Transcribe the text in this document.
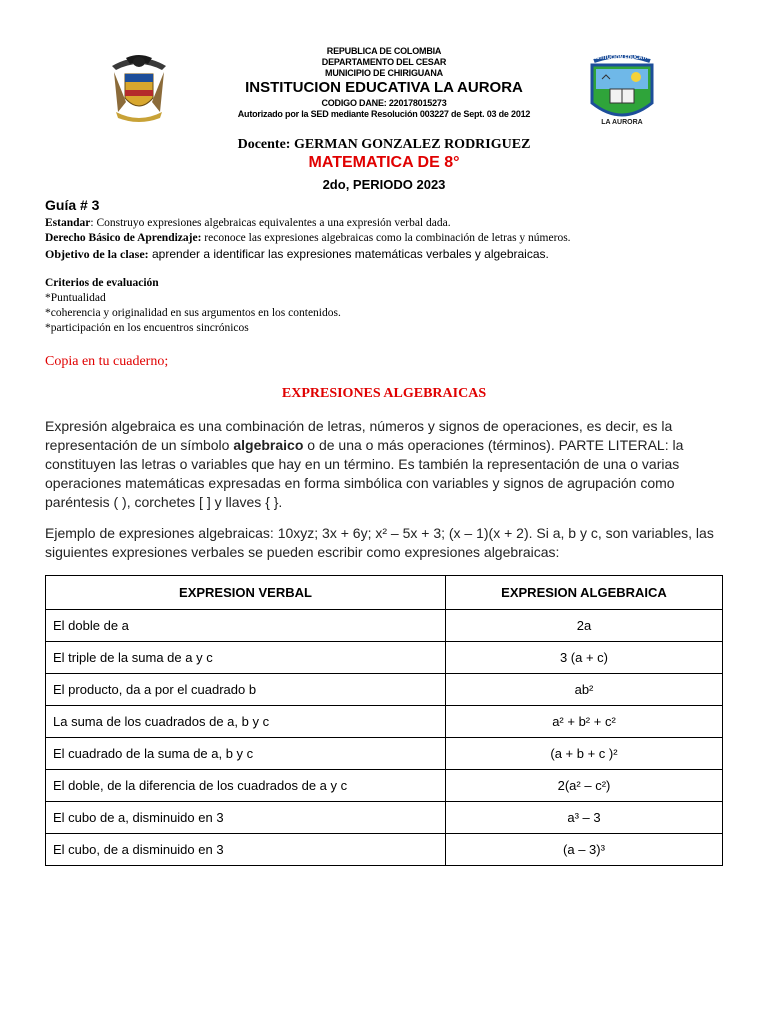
INSTITUCION EDUCATIVA
LA AURORA
REPUBLICA DE COLOMBIA
DEPARTAMENTO DEL CESAR
MUNICIPIO DE CHIRIGUANA
INSTITUCION EDUCATIVA LA AURORA
CODIGO DANE: 220178015273
Autorizado por la SED mediante Resolución 003227 de Sept. 03 de 2012
Docente: GERMAN GONZALEZ RODRIGUEZ
MATEMATICA DE 8°
2do, PERIODO 2023
Guía # 3
Estandar: Construyo expresiones algebraicas equivalentes a una expresión verbal dada.
Derecho Básico de Aprendizaje: reconoce las expresiones algebraicas como la combinación de letras y números.
Objetivo de la clase: aprender a identificar las expresiones matemáticas verbales y algebraicas.
Criterios de evaluación
*Puntualidad
*coherencia y originalidad en sus argumentos en los contenidos.
*participación en los encuentros sincrónicos
Copia en tu cuaderno;
EXPRESIONES ALGEBRAICAS
Expresión algebraica es una combinación de letras, números y signos de operaciones, es decir, es la representación de un símbolo algebraico o de una o más operaciones (términos). PARTE LITERAL: la constituyen las letras o variables que hay en un término. Es también la representación de una o varias operaciones matemáticas expresadas en forma simbólica con variables y signos de agrupación como paréntesis ( ), corchetes [ ] y llaves { }.
Ejemplo de expresiones algebraicas: 10xyz; 3x + 6y; x² – 5x + 3; (x – 1)(x + 2). Si a, b y c, son variables, las siguientes expresiones verbales se pueden escribir como expresiones algebraicas:
EXPRESION VERBAL	EXPRESION ALGEBRAICA
El doble de a	2a
El triple de la suma de a y c	3 (a + c)
El producto, da a por el cuadrado b	ab²
La suma de los cuadrados de a, b y c	a² + b² + c²
El cuadrado de la suma de a, b y c	(a + b + c )²
El doble, de la diferencia de los cuadrados de a y c	2(a² – c²)
El cubo de a, disminuido en 3	a³ – 3
El cubo, de a disminuido en 3	(a – 3)³
